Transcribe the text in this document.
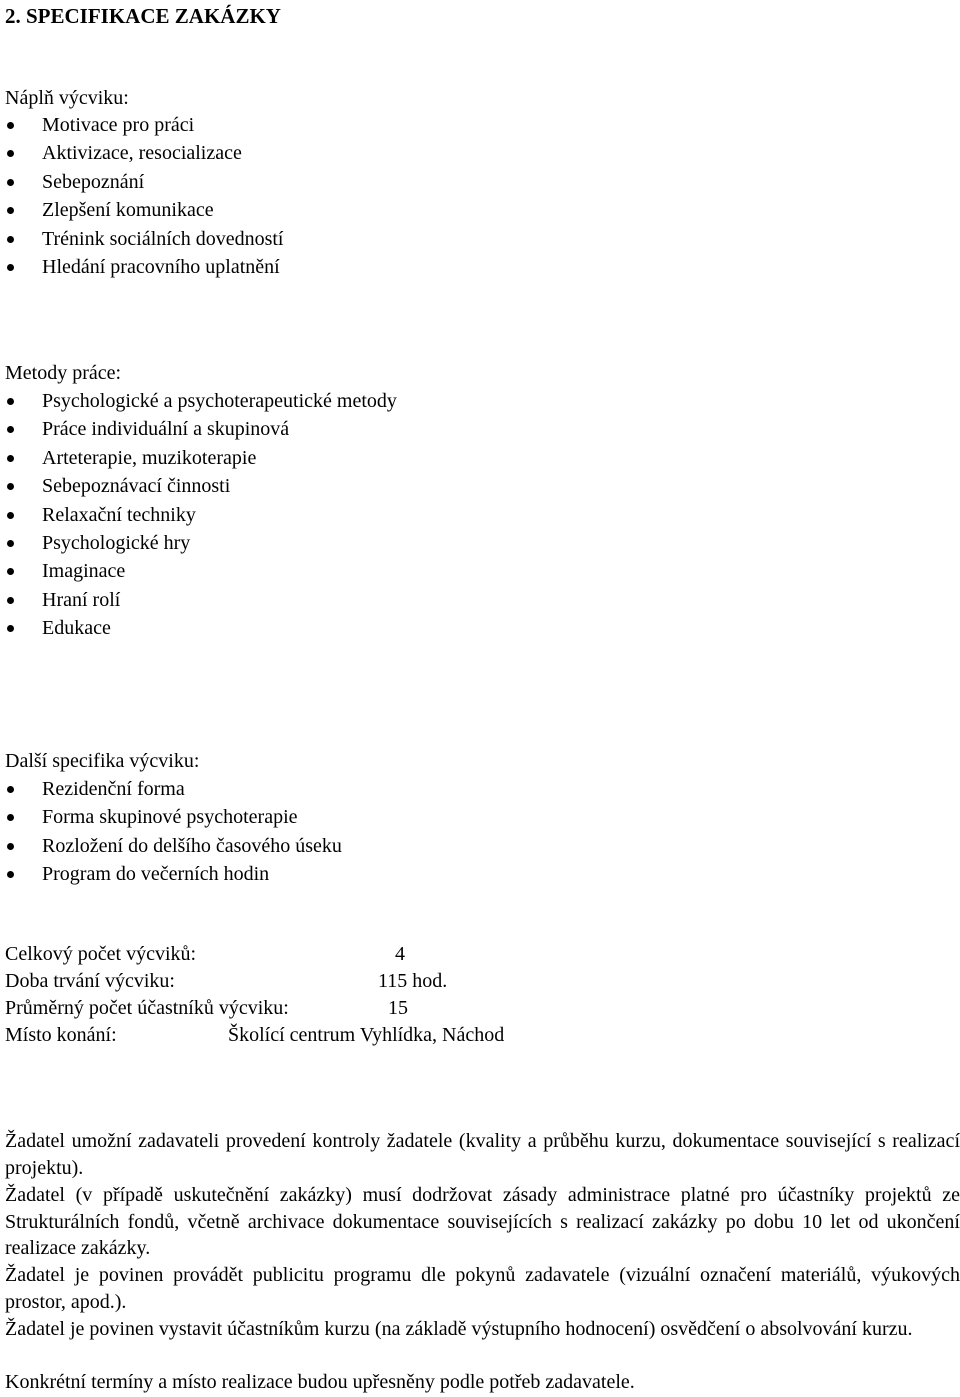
2. SPECIFIKACE ZAKÁZKY
Náplň výcviku:
Motivace pro práci
Aktivizace, resocializace
Sebepoznání
Zlepšení komunikace
Trénink sociálních dovedností
Hledání pracovního uplatnění
Metody práce:
Psychologické a psychoterapeutické metody
Práce individuální a skupinová
Arteterapie, muzikoterapie
Sebepoznávací činnosti
Relaxační techniky
Psychologické hry
Imaginace
Hraní rolí
Edukace
Další specifika výcviku:
Rezidenční forma
Forma skupinové psychoterapie
Rozložení do delšího časového úseku
Program do večerních hodin
Celkový počet výcviků:	4
Doba trvání výcviku:	115 hod.
Průměrný počet účastníků výcviku:	15
Místo konání:	Školící centrum Vyhlídka, Náchod

Žadatel umožní zadavateli provedení kontroly žadatele (kvality a průběhu kurzu, dokumentace související s realizací projektu).

Žadatel (v případě uskutečnění zakázky) musí dodržovat zásady administrace platné pro účastníky projektů ze Strukturálních fondů, včetně archivace dokumentace souvisejících s realizací zakázky po dobu 10 let od ukončení realizace zakázky.

Žadatel je povinen provádět publicitu programu dle pokynů zadavatele (vizuální označení materiálů, výukových prostor, apod.).

Žadatel je povinen vystavit účastníkům kurzu (na základě výstupního hodnocení) osvědčení o absolvování kurzu.

Konkrétní termíny a místo realizace budou upřesněny podle potřeb zadavatele.
